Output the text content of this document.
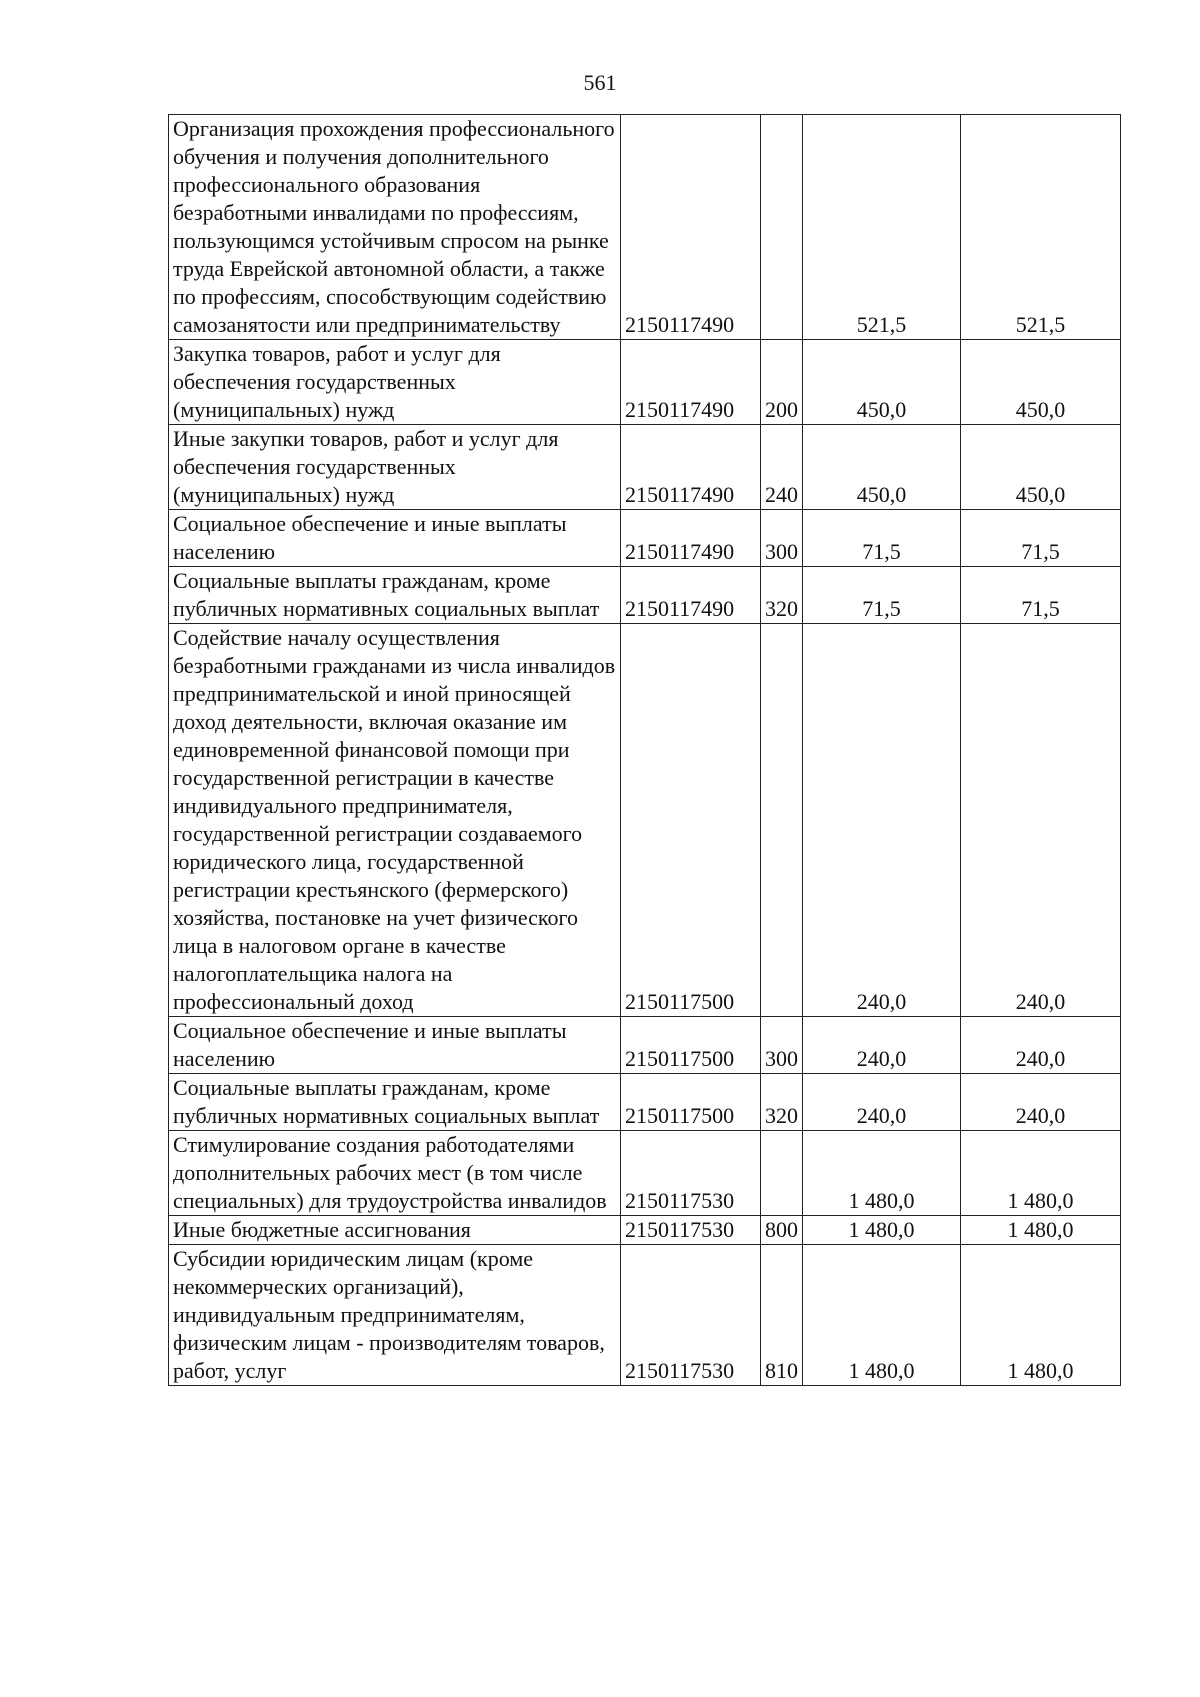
561
Организация прохождения профессионального обучения и получения дополнительного профессионального образования безработными инвалидами по профессиям, пользующимся устойчивым спросом на рынке труда Еврейской автономной области, а также по профессиям, способствующим содействию самозанятости или предпринимательству	2150117490		521,5	521,5
Закупка товаров, работ и услуг для обеспечения государственных (муниципальных) нужд	2150117490	200	450,0	450,0
Иные закупки товаров, работ и услуг для обеспечения государственных (муниципальных) нужд	2150117490	240	450,0	450,0
Социальное обеспечение и иные выплаты населению	2150117490	300	71,5	71,5
Социальные выплаты гражданам, кроме публичных нормативных социальных выплат	2150117490	320	71,5	71,5
Содействие началу осуществления безработными гражданами из числа инвалидов предпринимательской и иной приносящей доход деятельности, включая оказание им единовременной финансовой помощи при государственной регистрации в качестве индивидуального предпринимателя, государственной регистрации создаваемого юридического лица, государственной регистрации крестьянского (фермерского) хозяйства, постановке на учет физического лица в налоговом органе в качестве налогоплательщика налога на профессиональный доход	2150117500		240,0	240,0
Социальное обеспечение и иные выплаты населению	2150117500	300	240,0	240,0
Социальные выплаты гражданам, кроме публичных нормативных социальных выплат	2150117500	320	240,0	240,0
Стимулирование создания работодателями дополнительных рабочих мест (в том числе специальных) для трудоустройства инвалидов	2150117530		1 480,0	1 480,0
Иные бюджетные ассигнования	2150117530	800	1 480,0	1 480,0
Субсидии юридическим лицам (кроме некоммерческих организаций), индивидуальным предпринимателям, физическим лицам - производителям товаров, работ, услуг	2150117530	810	1 480,0	1 480,0
